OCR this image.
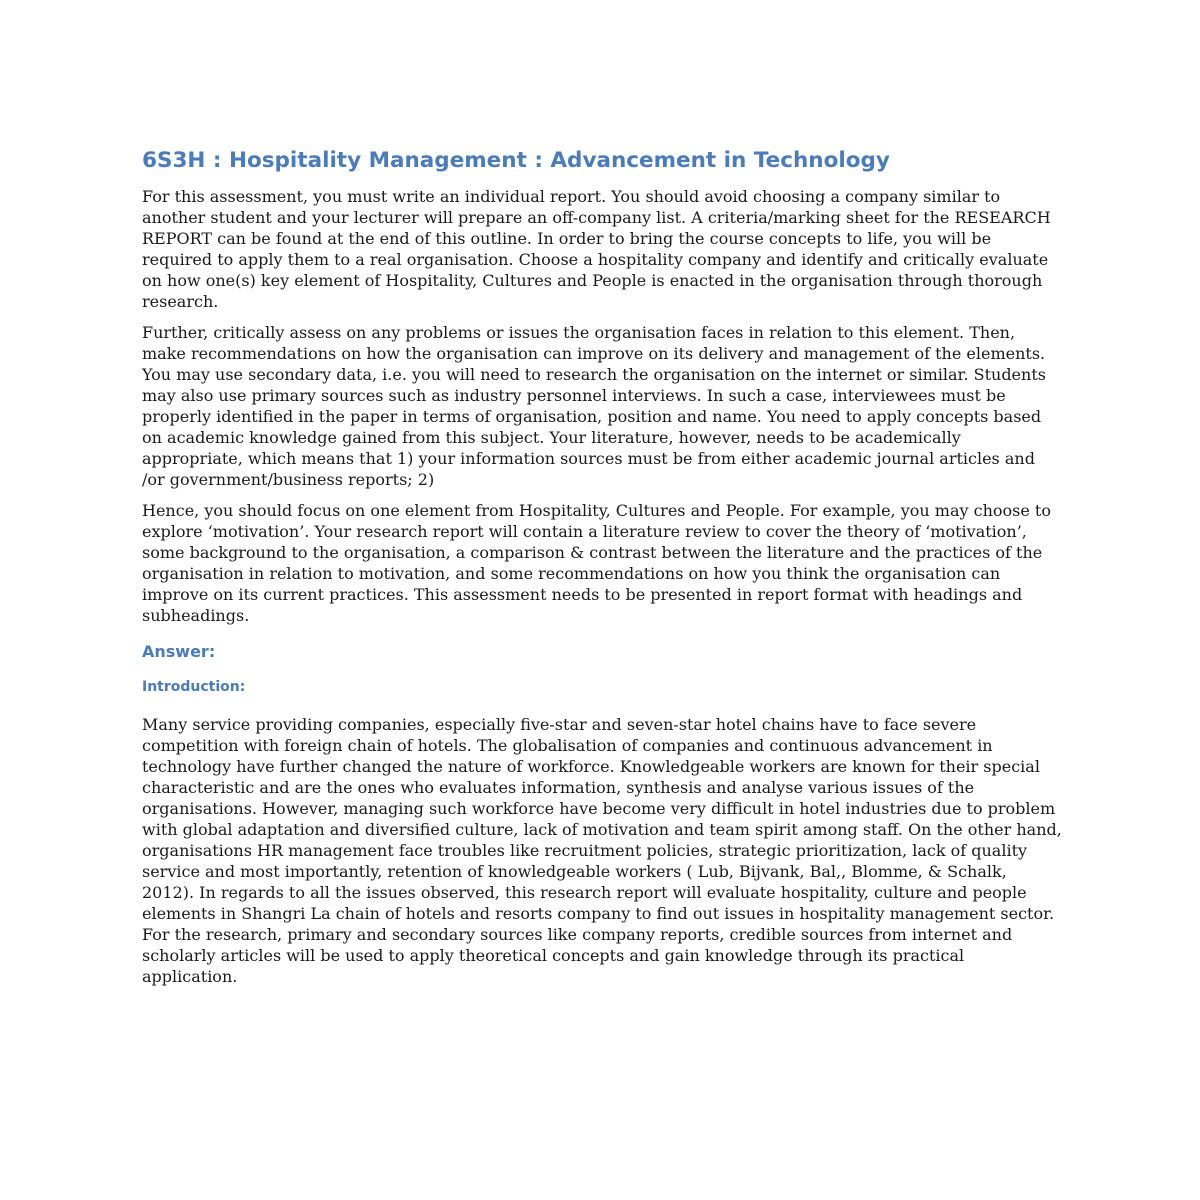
6S3H : Hospitality Management : Advancement in Technology

For this assessment, you must write an individual report. You should avoid choosing a company similar to another student and your lecturer will prepare an off-company list. A criteria/marking sheet for the RESEARCH REPORT can be found at the end of this outline. In order to bring the course concepts to life, you will be required to apply them to a real organisation. Choose a hospitality company and identify and critically evaluate on how one(s) key element of Hospitality, Cultures and People is enacted in the organisation through thorough research.

Further, critically assess on any problems or issues the organisation faces in relation to this element. Then, make recommendations on how the organisation can improve on its delivery and management of the elements. You may use secondary data, i.e. you will need to research the organisation on the internet or similar. Students may also use primary sources such as industry personnel interviews. In such a case, interviewees must be properly identified in the paper in terms of organisation, position and name. You need to apply concepts based on academic knowledge gained from this subject. Your literature, however, needs to be academically appropriate, which means that 1) your information sources must be from either academic journal articles and /or government/business reports; 2)

Hence, you should focus on one element from Hospitality, Cultures and People. For example, you may choose to explore ‘motivation’. Your research report will contain a literature review to cover the theory of ‘motivation’, some background to the organisation, a comparison & contrast between the literature and the practices of the organisation in relation to motivation, and some recommendations on how you think the organisation can improve on its current practices. This assessment needs to be presented in report format with headings and subheadings.

Answer:
Introduction:

Many service providing companies, especially five-star and seven-star hotel chains have to face severe competition with foreign chain of hotels. The globalisation of companies and continuous advancement in technology have further changed the nature of workforce. Knowledgeable workers are known for their special characteristic and are the ones who evaluates information, synthesis and analyse various issues of the organisations. However, managing such workforce have become very difficult in hotel industries due to problem with global adaptation and diversified culture, lack of motivation and team spirit among staff. On the other hand, organisations HR management face troubles like recruitment policies, strategic prioritization, lack of quality service and most importantly, retention of knowledgeable workers ( Lub, Bijvank, Bal,, Blomme, & Schalk, 2012). In regards to all the issues observed, this research report will evaluate hospitality, culture and people elements in Shangri La chain of hotels and resorts company to find out issues in hospitality management sector. For the research, primary and secondary sources like company reports, credible sources from internet and scholarly articles will be used to apply theoretical concepts and gain knowledge through its practical application.
